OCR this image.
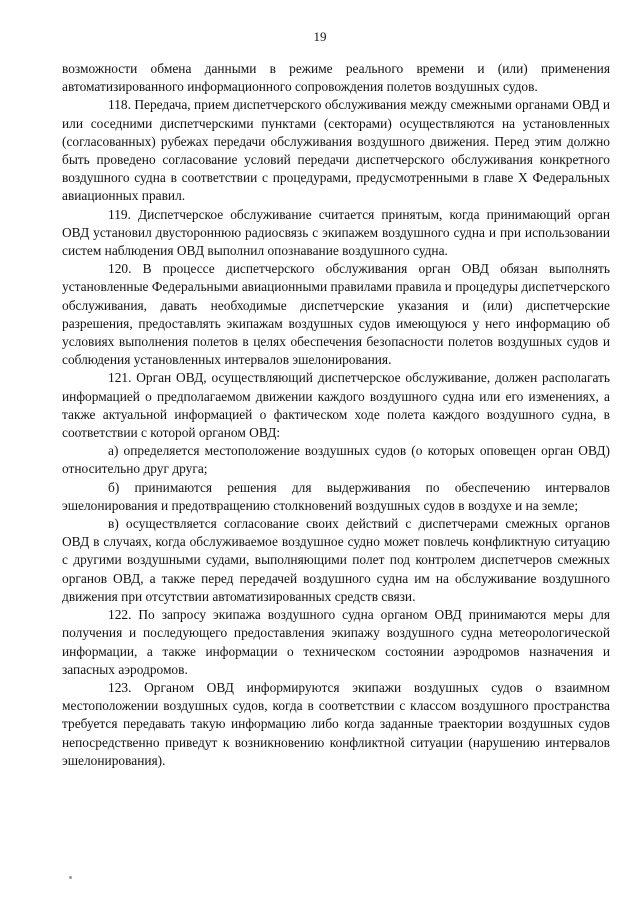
19

возможности обмена данными в режиме реального времени и (или) применения автоматизированного информационного сопровождения полетов воздушных судов.

118. Передача, прием диспетчерского обслуживания между смежными органами ОВД и или соседними диспетчерскими пунктами (секторами) осуществляются на установленных (согласованных) рубежах передачи обслуживания воздушного движения. Перед этим должно быть проведено согласование условий передачи диспетчерского обслуживания конкретного воздушного судна в соответствии с процедурами, предусмотренными в главе X Федеральных авиационных правил.

119. Диспетчерское обслуживание считается принятым, когда принимающий орган ОВД установил двустороннюю радиосвязь с экипажем воздушного судна и при использовании систем наблюдения ОВД выполнил опознавание воздушного судна.

120. В процессе диспетчерского обслуживания орган ОВД обязан выполнять установленные Федеральными авиационными правилами правила и процедуры диспетчерского обслуживания, давать необходимые диспетчерские указания и (или) диспетчерские разрешения, предоставлять экипажам воздушных судов имеющуюся у него информацию об условиях выполнения полетов в целях обеспечения безопасности полетов воздушных судов и соблюдения установленных интервалов эшелонирования.

121. Орган ОВД, осуществляющий диспетчерское обслуживание, должен располагать информацией о предполагаемом движении каждого воздушного судна или его изменениях, а также актуальной информацией о фактическом ходе полета каждого воздушного судна, в соответствии с которой органом ОВД:

а) определяется местоположение воздушных судов (о которых оповещен орган ОВД) относительно друг друга;

б) принимаются решения для выдерживания по обеспечению интервалов эшелонирования и предотвращению столкновений воздушных судов в воздухе и на земле;

в) осуществляется согласование своих действий с диспетчерами смежных органов ОВД в случаях, когда обслуживаемое воздушное судно может повлечь конфликтную ситуацию с другими воздушными судами, выполняющими полет под контролем диспетчеров смежных органов ОВД, а также перед передачей воздушного судна им на обслуживание воздушного движения при отсутствии автоматизированных средств связи.

122. По запросу экипажа воздушного судна органом ОВД принимаются меры для получения и последующего предоставления экипажу воздушного судна метеорологической информации, а также информации о техническом состоянии аэродромов назначения и запасных аэродромов.

123. Органом ОВД информируются экипажи воздушных судов о взаимном местоположении воздушных судов, когда в соответствии с классом воздушного пространства требуется передавать такую информацию либо когда заданные траектории воздушных судов непосредственно приведут к возникновению конфликтной ситуации (нарушению интервалов эшелонирования).
